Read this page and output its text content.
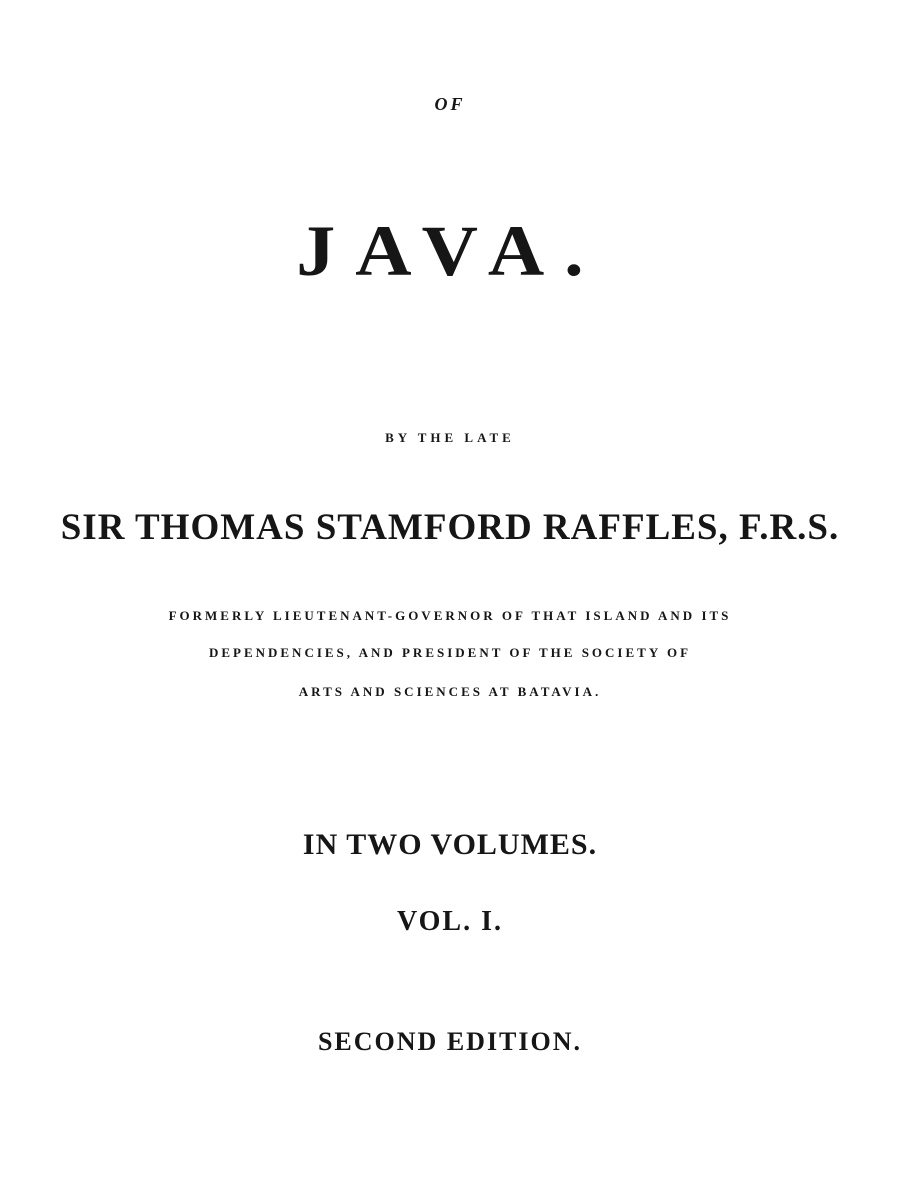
OF
JAVA.
BY THE LATE
SIR THOMAS STAMFORD RAFFLES, F.R.S.
FORMERLY LIEUTENANT-GOVERNOR OF THAT ISLAND AND ITS
DEPENDENCIES, AND PRESIDENT OF THE SOCIETY OF
ARTS AND SCIENCES AT BATAVIA.
IN TWO VOLUMES.
VOL. I.
SECOND EDITION.
